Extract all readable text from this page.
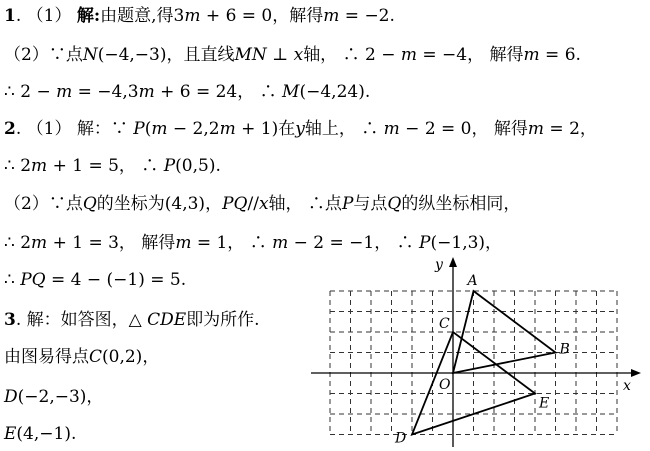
1. （1） 解:由题意,得3m + 6 = 0，解得m = −2.
（2）∵点N(−4,−3)，且直线MN ⊥ x轴， ∴ 2 − m = −4， 解得m = 6.
∴ 2 − m = −4,3m + 6 = 24， ∴ M(−4,24).
2. （1） 解：∵ P(m − 2,2m + 1)在y轴上， ∴ m − 2 = 0， 解得m = 2，
∴ 2m + 1 = 5， ∴ P(0,5).
（2）∵点Q的坐标为(4,3)，PQ//x轴， ∴点P与点Q的纵坐标相同，
∴ 2m + 1 = 3， 解得m = 1， ∴ m − 2 = −1， ∴ P(−1,3)，
∴ PQ = 4 − (−1) = 5.
3. 解：如答图，△ CDE即为所作.
由图易得点C(0,2)，
D(−2,−3)，
E(4,−1).
A
B
C
D
E
O	x
y
